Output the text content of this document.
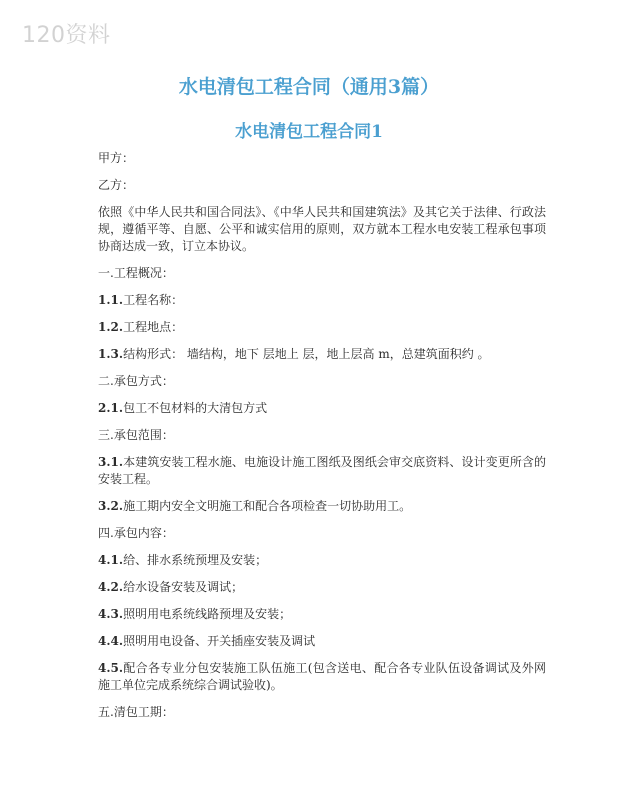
120资料
水电清包工程合同（通用3篇）
水电清包工程合同1

甲方：

乙方：

依照《中华人民共和国合同法》、《中华人民共和国建筑法》及其它关于法律、行政法规，遵循平等、自愿、公平和诚实信用的原则，双方就本工程水电安装工程承包事项协商达成一致，订立本协议。

一.工程概况：

1.1.工程名称：

1.2.工程地点：

1.3.结构形式： 墙结构，地下 层地上 层，地上层高 m，总建筑面积约 。

二.承包方式：

2.1.包工不包材料的大清包方式

三.承包范围：

3.1.本建筑安装工程水施、电施设计施工图纸及图纸会审交底资料、设计变更所含的安装工程。

3.2.施工期内安全文明施工和配合各项检查一切协助用工。

四.承包内容：

4.1.给、排水系统预埋及安装；

4.2.给水设备安装及调试；

4.3.照明用电系统线路预埋及安装；

4.4.照明用电设备、开关插座安装及调试

4.5.配合各专业分包安装施工队伍施工(包含送电、配合各专业队伍设备调试及外网施工单位完成系统综合调试验收)。

五.清包工期：
